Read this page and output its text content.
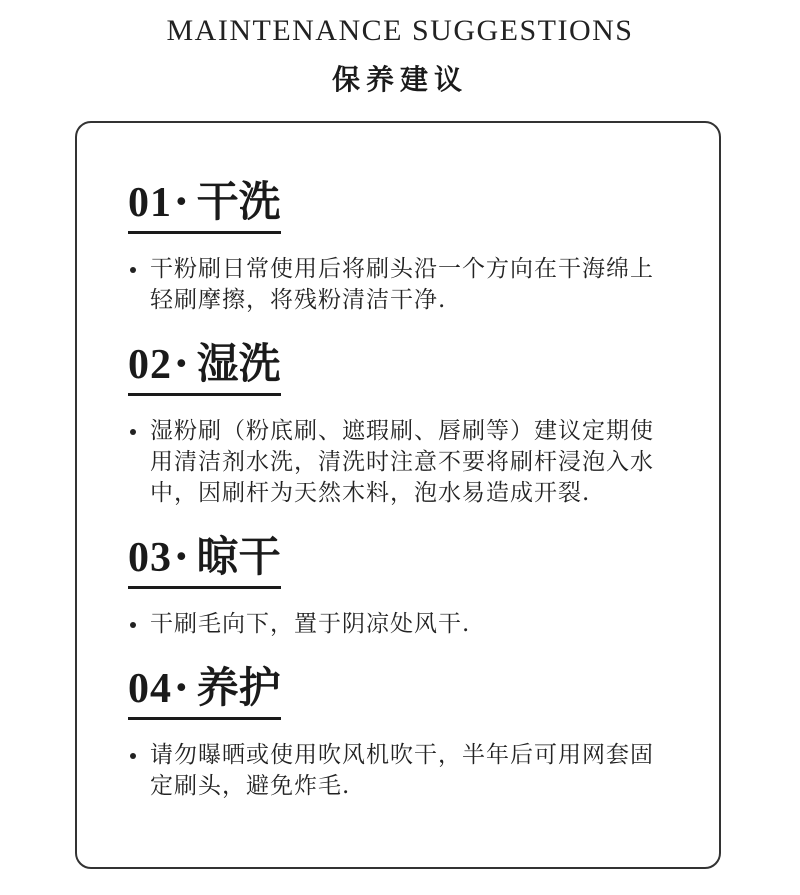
MAINTENANCE SUGGESTIONS
保养建议
01· 干洗
干粉刷日常使用后将刷头沿一个方向在干海绵上
轻刷摩擦，将残粉清洁干净.
02· 湿洗
湿粉刷（粉底刷、遮瑕刷、唇刷等）建议定期使
用清洁剂水洗，清洗时注意不要将刷杆浸泡入水
中，因刷杆为天然木料，泡水易造成开裂.
03· 晾干
干刷毛向下，置于阴凉处风干.
04· 养护
请勿曝晒或使用吹风机吹干，半年后可用网套固
定刷头，避免炸毛.
